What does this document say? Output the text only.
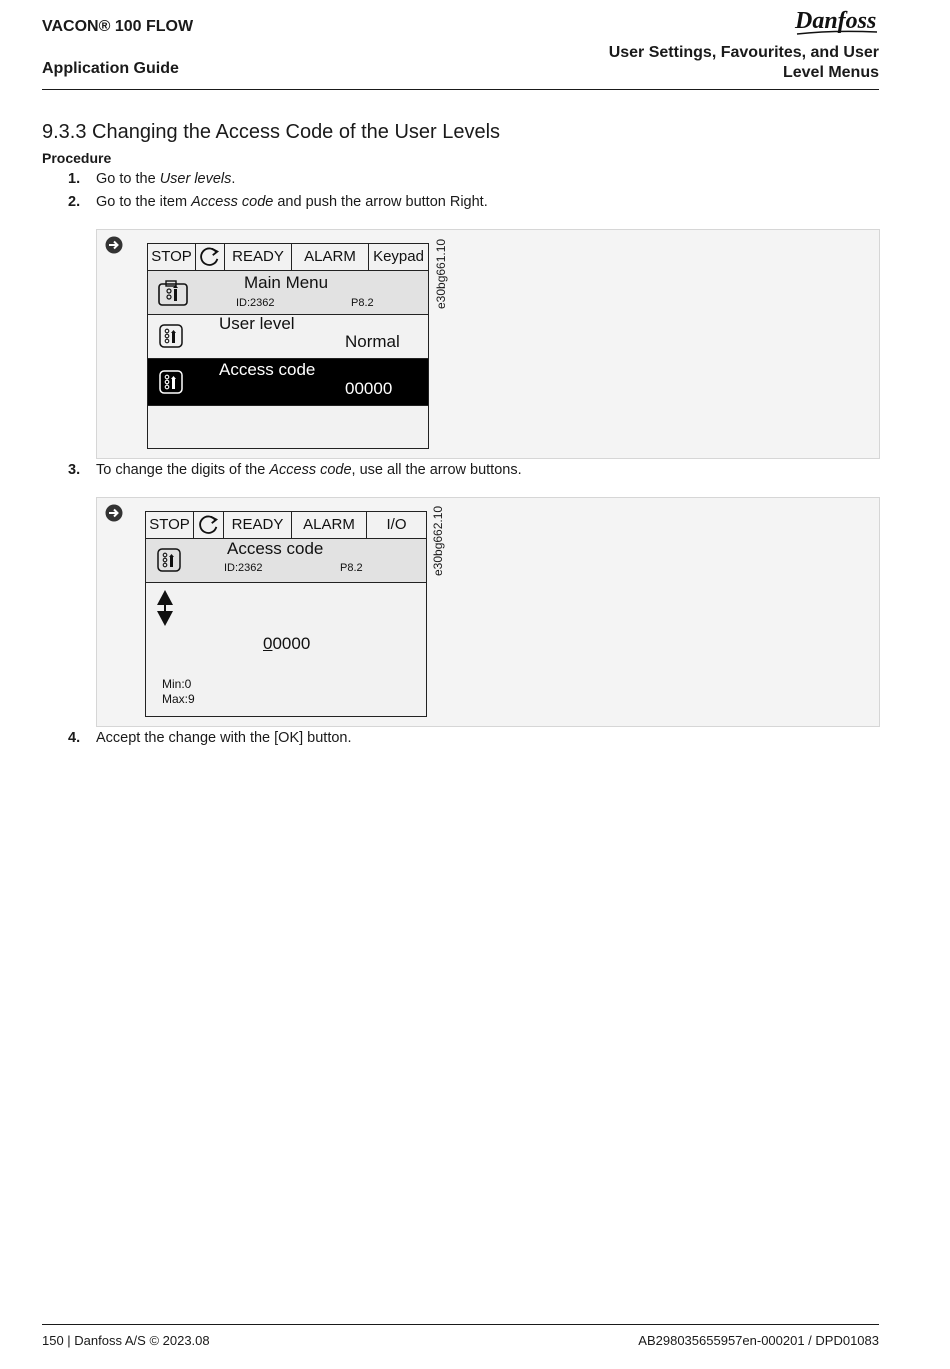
VACON® 100 FLOW
Application Guide
User Settings, Favourites, and User
Level Menus
Danfoss
9.3.3 Changing the Access Code of the User Levels
Procedure
1.	Go to the User levels.
2.	Go to the item Access code and push the arrow button Right.
STOP	READY	ALARM	Keypad
Main Menu
ID:2362	P8.2
User level
Normal
Access code
00000
e30bg661.10
3.	To change the digits of the Access code, use all the arrow buttons.
STOP	READY	ALARM	I/O
Access code
ID:2362	P8.2
00000
Min:0
Max:9
e30bg662.10
4.	Accept the change with the [OK] button.
150 | Danfoss A/S © 2023.08	AB298035655957en-000201 / DPD01083
